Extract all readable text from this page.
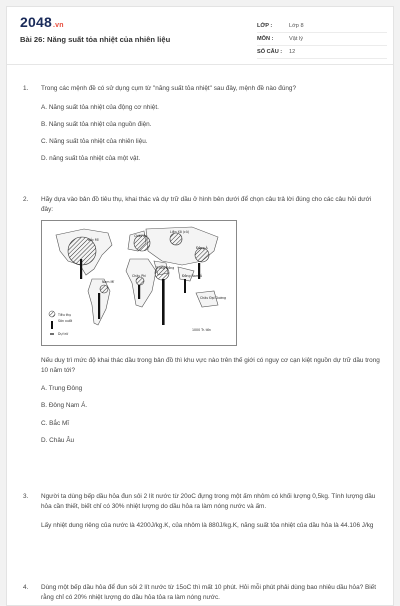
2048.vn
Bài 26: Năng suất tỏa nhiệt của nhiên liệu
LỚP :	Lớp 8
MÔN :	Vật lý
SỐ CÂU : 12
1. Trong các mệnh đề có sử dụng cụm từ "năng suất tỏa nhiệt" sau đây, mệnh đề nào đúng?
A. Năng suất tỏa nhiệt của động cơ nhiệt.
B. Năng suất tỏa nhiệt của nguồn điện.
C. Năng suất tỏa nhiệt của nhiên liệu.
D. năng suất tỏa nhiệt của một vật.
2. Hãy dựa vào bản đồ tiêu thụ, khai thác và dự trữ dầu ở hình bên dưới để chọn câu trả lời đúng cho các câu hỏi dưới đây:
Tiêu thụ
Sản xuất
Dự trữ
Bắc Mĩ
Châu Âu
Liên Xô (cũ)
Đông Á
Trung Đông
Đông Nam Á
Nam Mĩ
Châu Phi
Châu Đại Dương
1000 Tr. tấn
Nếu duy trì mức độ khai thác dầu trong bản đồ thì khu vực nào trên thế giới có nguy cơ cạn kiệt nguồn dự trữ dầu trong 10 năm tới?
A. Trung Đông
B. Đông Nam Á.
C. Bắc Mĩ
D. Châu Âu
3. Người ta dùng bếp dầu hỏa đun sôi 2 lít nước từ 20oC đựng trong một ấm nhôm có khối lượng 0,5kg. Tính lượng dầu hỏa cần thiết, biết chỉ có 30% nhiệt lượng do dầu hỏa ra làm nóng nước và ấm.
Lấy nhiệt dung riêng của nước là 4200J/kg.K, của nhôm là 880J/kg.K, năng suất tỏa nhiệt của dầu hỏa là 44.106 J/kg
4. Dùng một bếp dầu hỏa để đun sôi 2 lít nước từ 15oC thì mất 10 phút. Hỏi mỗi phút phải dùng bao nhiêu dầu hỏa? Biết rằng chỉ có 20% nhiệt lượng do dầu hỏa tỏa ra làm nóng nước.
